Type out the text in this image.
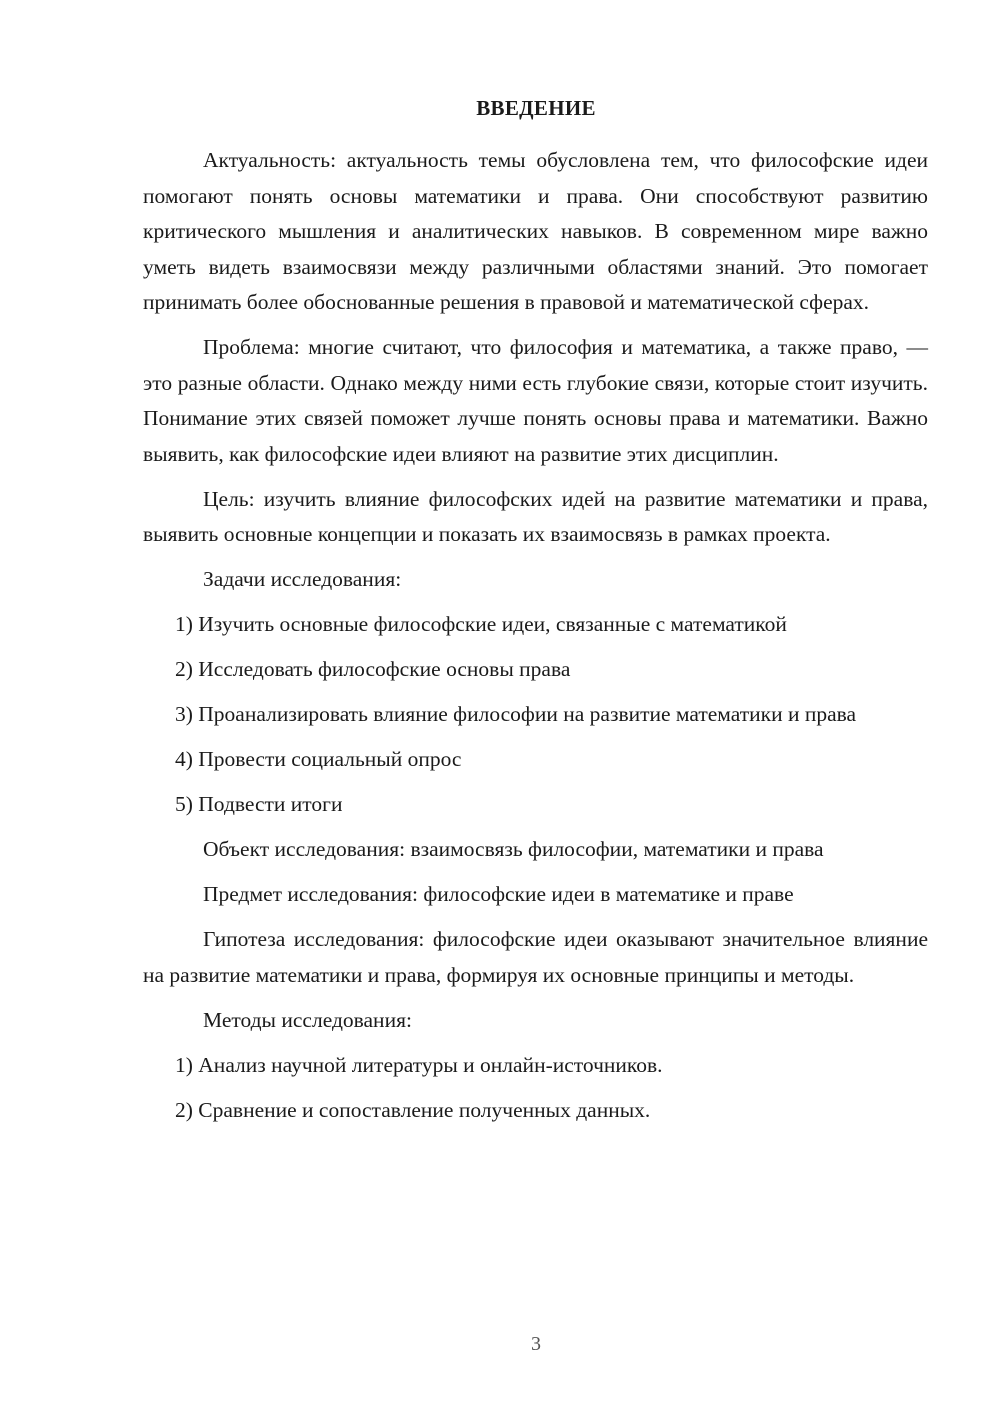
ВВЕДЕНИЕ

Актуальность: актуальность темы обусловлена тем, что философские идеи помогают понять основы математики и права. Они способствуют развитию критического мышления и аналитических навыков. В современном мире важно уметь видеть взаимосвязи между различными областями знаний. Это помогает принимать более обоснованные решения в правовой и математической сферах.

Проблема: многие считают, что философия и математика, а также право, — это разные области. Однако между ними есть глубокие связи, которые стоит изучить. Понимание этих связей поможет лучше понять основы права и математики. Важно выявить, как философские идеи влияют на развитие этих дисциплин.

Цель: изучить влияние философских идей на развитие математики и права, выявить основные концепции и показать их взаимосвязь в рамках проекта.

Задачи исследования:

1) Изучить основные философские идеи, связанные с математикой

2) Исследовать философские основы права

3) Проанализировать влияние философии на развитие математики и права

4) Провести социальный опрос

5) Подвести итоги

Объект исследования: взаимосвязь философии, математики и права

Предмет исследования: философские идеи в математике и праве

Гипотеза исследования: философские идеи оказывают значительное влияние на развитие математики и права, формируя их основные принципы и методы.

Методы исследования:

1) Анализ научной литературы и онлайн-источников.

2) Сравнение и сопоставление полученных данных.

3
